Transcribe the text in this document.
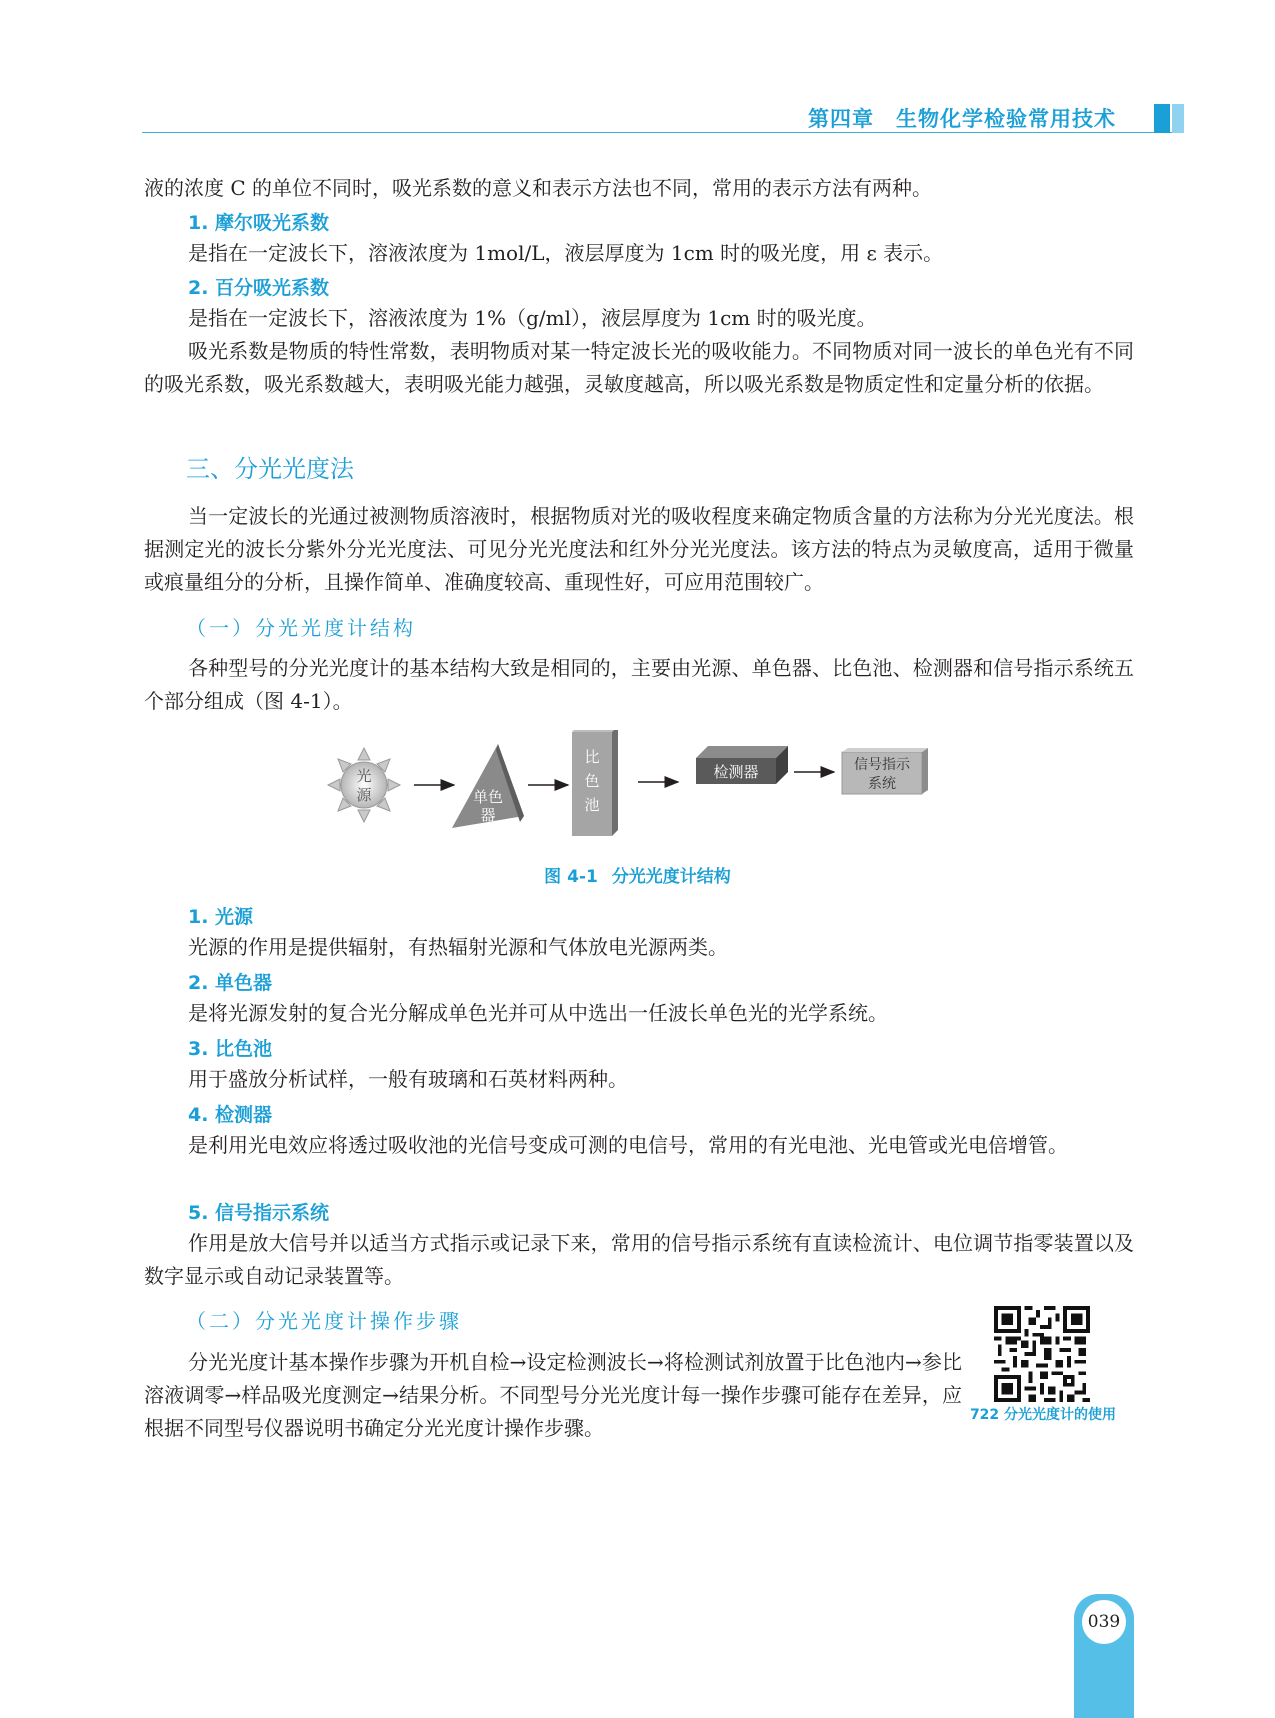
第四章 生物化学检验常用技术

液的浓度 C 的单位不同时，吸光系数的意义和表示方法也不同，常用的表示方法有两种。

1. 摩尔吸光系数

是指在一定波长下，溶液浓度为 1mol/L，液层厚度为 1cm 时的吸光度，用 ε 表示。

2. 百分吸光系数

是指在一定波长下，溶液浓度为 1%（g/ml），液层厚度为 1cm 时的吸光度。

吸光系数是物质的特性常数，表明物质对某一特定波长光的吸收能力。不同物质对同一波长的单色光有不同的吸光系数，吸光系数越大，表明吸光能力越强，灵敏度越高，所以吸光系数是物质定性和定量分析的依据。

三、分光光度法

当一定波长的光通过被测物质溶液时，根据物质对光的吸收程度来确定物质含量的方法称为分光光度法。根据测定光的波长分紫外分光光度法、可见分光光度法和红外分光光度法。该方法的特点为灵敏度高，适用于微量或痕量组分的分析，且操作简单、准确度较高、重现性好，可应用范围较广。

（一）分光光度计结构

各种型号的分光光度计的基本结构大致是相同的，主要由光源、单色器、比色池、检测器和信号指示系统五个部分组成（图 4-1）。

光
源	单色
器
比
色
池
检测器	信号指示
系统
图 4-1 分光光度计结构

1. 光源

光源的作用是提供辐射，有热辐射光源和气体放电光源两类。

2. 单色器

是将光源发射的复合光分解成单色光并可从中选出一任波长单色光的光学系统。

3. 比色池

用于盛放分析试样，一般有玻璃和石英材料两种。

4. 检测器

是利用光电效应将透过吸收池的光信号变成可测的电信号，常用的有光电池、光电管或光电倍增管。

5. 信号指示系统

作用是放大信号并以适当方式指示或记录下来，常用的信号指示系统有直读检流计、电位调节指零装置以及数字显示或自动记录装置等。

（二）分光光度计操作步骤

分光光度计基本操作步骤为开机自检→设定检测波长→将检测试剂放置于比色池内→参比溶液调零→样品吸光度测定→结果分析。不同型号分光光度计每一操作步骤可能存在差异，应根据不同型号仪器说明书确定分光光度计操作步骤。

722 分光光度计的使用
039
